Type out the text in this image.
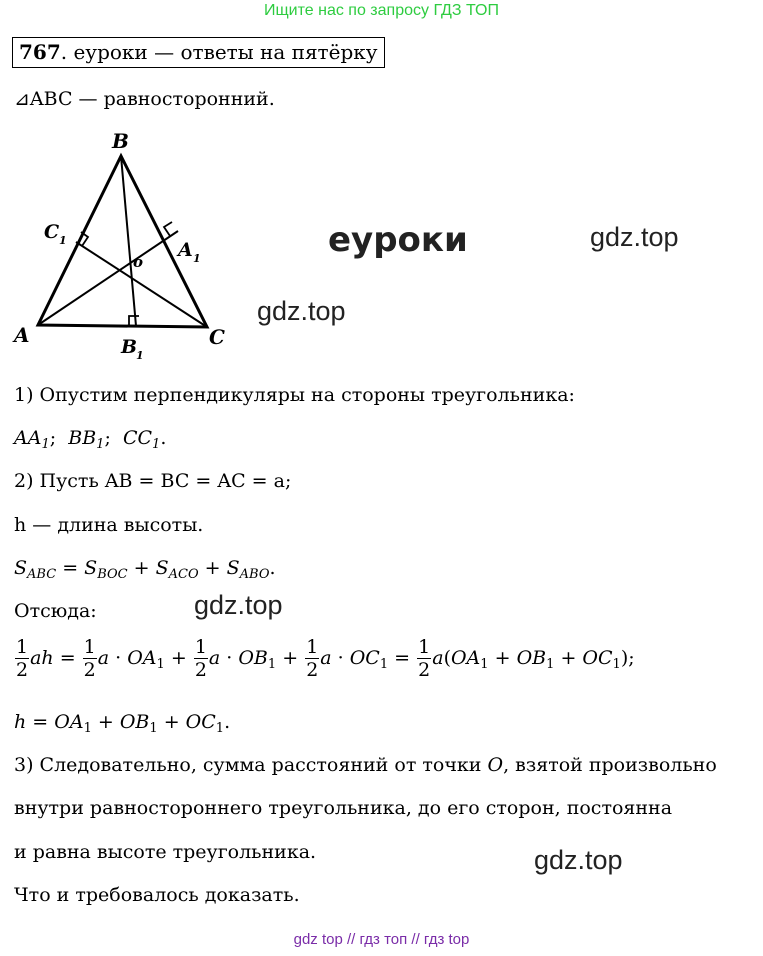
Ищите нас по запросу ГДЗ ТОП
767. еуроки — ответы на пятёрку
⊿ABC — равносторонний.
B
A	C
C 1	A 1
B
1
o
еуроки	gdz.top
gdz.top
1) Опустим перпендикуляры на стороны треугольника:
$AA_1$; $BB_1$; $CC_1$.
2) Пусть AB = BC = AC = a;
h — длина высоты.
$S_{ABC} = S_{BOC} + S_{ACO} + S_{ABO}$.
Отсюда:	gdz.top
$\frac{1}{2}$ ah = $\frac{1}{2}$ $a \cdot OA_1 + \frac{1}{2}$ $a \cdot OB_1 + \frac{1}{2}$ $a \cdot OC_1 = \frac{1}{2} a(OA_1 + OB_1 + OC_1)$;
$h = OA_1 + OB_1 + OC_1$.
3) Следовательно, сумма расстояний от точки O, взятой произвольно
внутри равностороннего треугольника, до его сторон, постоянна
и равна высоте треугольника.	gdz.top
Что и требовалось доказать.
gdz top // гдз топ // гдз top
